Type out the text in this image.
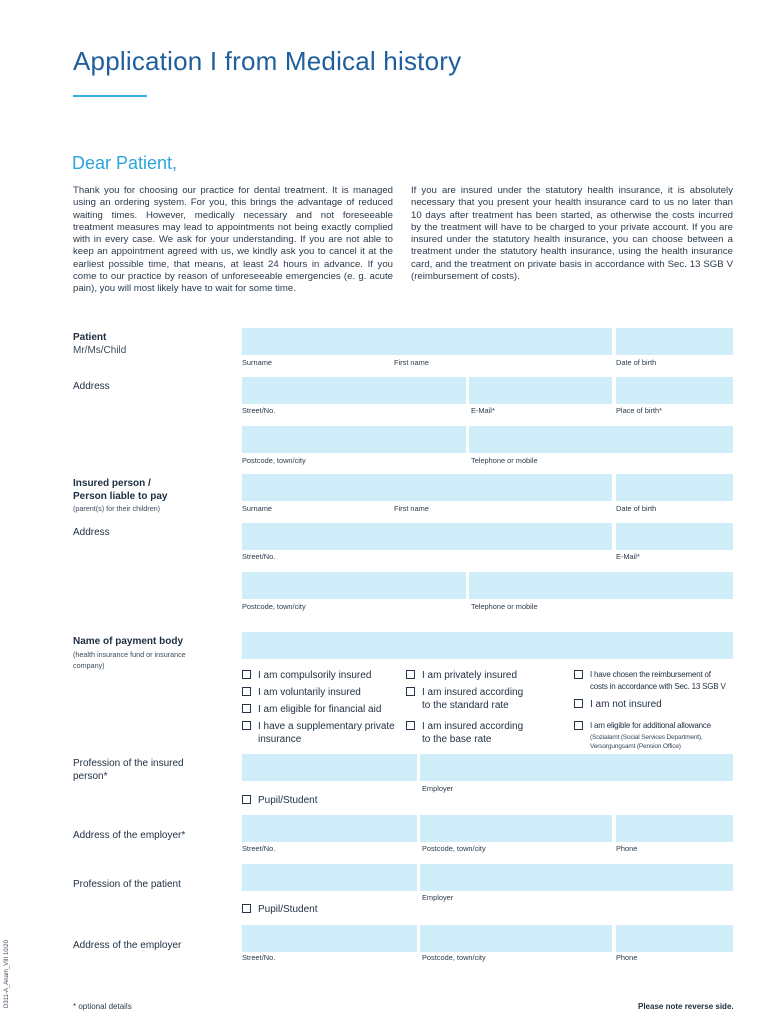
Application I from Medical history
Dear Patient,

Thank you for choosing our practice for dental treatment. It is managed using an ordering system. For you, this brings the advantage of reduced waiting times. However, medically necessary and not foreseeable treatment measures may lead to appointments not being exactly complied with in every case. We ask for your understanding. If you are not able to keep an appointment agreed with us, we kindly ask you to cancel it at the earliest possible time, that means, at least 24 hours in advance. If you come to our practice by reason of unforeseeable emergencies (e. g. acute pain), you will most likely have to wait for some time.

If you are insured under the statutory health insurance, it is absolutely necessary that you present your health insurance card to us no later than 10 days after treatment has been started, as otherwise the costs incurred by the treatment will have to be charged to your private account. If you are insured under the statutory health insurance, you can choose between a treatment under the statutory health insurance, using the health insurance card, and the treatment on private basis in accordance with Sec. 13 SGB V (reimbursement of costs).

Patient
Mr/Ms/Child
Surname	First name	Date of birth
Address
Street/No.	E-Mail*	Place of birth*
Postcode, town/city	Telephone or mobile
Insured person /
Person liable to pay
(parent(s) for their children)	Surname	First name	Date of birth
Address
Street/No.	E-Mail*
Postcode, town/city	Telephone or mobile
Name of payment body
(health insurance fund or insurance
company)
I am compulsorily insured
I am voluntarily insured
I am eligible for financial aid
I have a supplementary private
insurance
I am privately insured
I am insured according
to the standard rate
I am insured according
to the base rate
I have chosen the reimbursement of
costs in accordance with Sec. 13 SGB V
I am not insured
I am eligible for additional allowance
(Sozialamt (Social Services Department),
Versorgungsamt (Pension Office)
Profession of the insured
person*
Employer
Pupil/Student
Address of the employer*
Street/No.	Postcode, town/city	Phone
Profession of the patient
Employer
Pupil/Student
Address of the employer
Street/No.	Postcode, town/city	Phone
D311-A_Anam_VIII 10/20	* optional details	Please note reverse side.
